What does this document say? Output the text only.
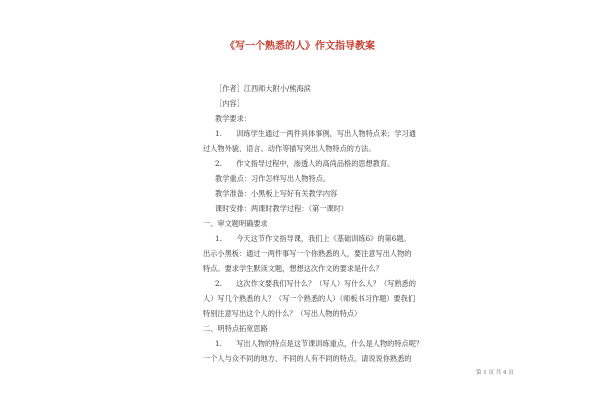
《写一个熟悉的人》作文指导教案
［作者］江西师大附小/熊海滨
［内容］
教学要求：
1.　　训练学生通过一两件具体事例，写出人物特点来；学习通
过人物外貌、语言、动作等描写突出人物特点的方法。
2.　　作文指导过程中，渗透人的高尚品格的思想教育。
教学重点：习作怎样写出人物特点。
教学准备：小黑板上写好有关教学内容
课时安排：两课时教学过程：（第一课时）
一、审文题明确要求
1.　　今天这节作文指导课，我们上《基础训练6》的第6题。
出示小黑板：通过一两件事写一个你熟悉的人，要注意写出人物的
特点。要求学生默读文题，想想这次作文的要求是什么？
2.　　这次作文要我们写什么？（写人）写什么人？（写熟悉的
人）写几个熟悉的人？（写一个熟悉的人）（师板书习作题）要我们
特别注意写出这个人的什么？（写出人物的特点）
二、明特点拓宽思路
1.　　写出人物的特点是这节课训练重点，什么是人物的特点呢？
一个人与众不同的地方、不同的人有不同的特点。请说说你熟悉的
第 1 页 共 4 页
